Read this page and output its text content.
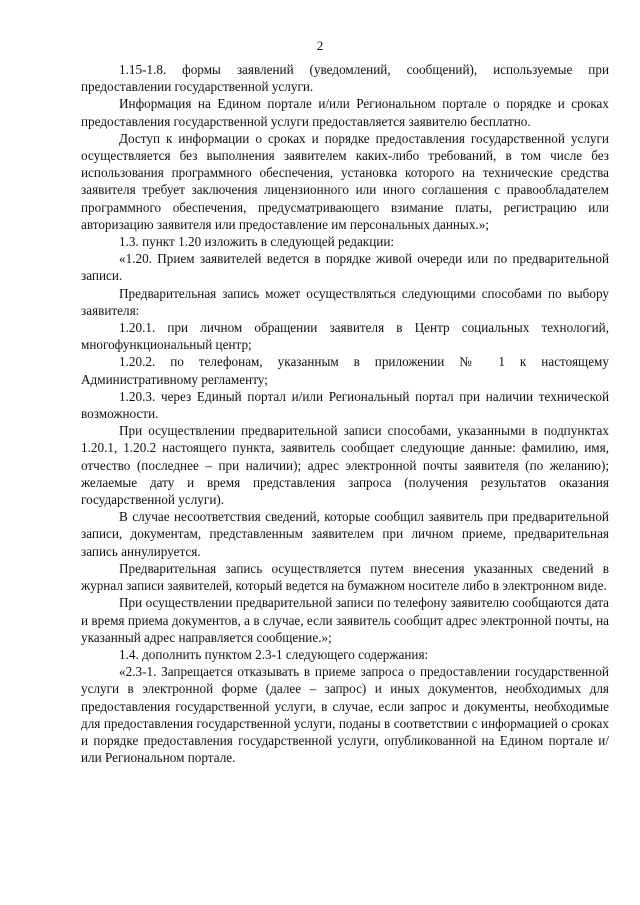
2

1.15-1.8. формы заявлений (уведомлений, сообщений), используемые при предоставлении государственной услуги.

Информация на Едином портале и/или Региональном портале о порядке и сроках предоставления государственной услуги предоставляется заявителю бесплатно.

Доступ к информации о сроках и порядке предоставления государственной услуги осуществляется без выполнения заявителем каких-либо требований, в том числе без использования программного обеспечения, установка которого на технические средства заявителя требует заключения лицензионного или иного соглашения с правообладателем программного обеспечения, предусматривающего взимание платы, регистрацию или авторизацию заявителя или предоставление им персональных данных.»;

1.3. пункт 1.20 изложить в следующей редакции:

«1.20. Прием заявителей ведется в порядке живой очереди или по предварительной записи.

Предварительная запись может осуществляться следующими способами по выбору заявителя:

1.20.1. при личном обращении заявителя в Центр социальных технологий, многофункциональный центр;

1.20.2. по телефонам, указанным в приложении № 1 к настоящему Административному регламенту;

1.20.3. через Единый портал и/или Региональный портал при наличии технической возможности.

При осуществлении предварительной записи способами, указанными в подпунктах 1.20.1, 1.20.2 настоящего пункта, заявитель сообщает следующие данные: фамилию, имя, отчество (последнее – при наличии); адрес электронной почты заявителя (по желанию); желаемые дату и время представления запроса (получения результатов оказания государственной услуги).

В случае несоответствия сведений, которые сообщил заявитель при предварительной записи, документам, представленным заявителем при личном приеме, предварительная запись аннулируется.

Предварительная запись осуществляется путем внесения указанных сведений в журнал записи заявителей, который ведется на бумажном носителе либо в электронном виде.

При осуществлении предварительной записи по телефону заявителю сообщаются дата и время приема документов, а в случае, если заявитель сообщит адрес электронной почты, на указанный адрес направляется сообщение.»;

1.4. дополнить пунктом 2.3-1 следующего содержания:

«2.3-1. Запрещается отказывать в приеме запроса о предоставлении государственной услуги в электронной форме (далее – запрос) и иных документов, необходимых для предоставления государственной услуги, в случае, если запрос и документы, необходимые для предоставления государственной услуги, поданы в соответствии с информацией о сроках и порядке предоставления государственной услуги, опубликованной на Едином портале и/или Региональном портале.
